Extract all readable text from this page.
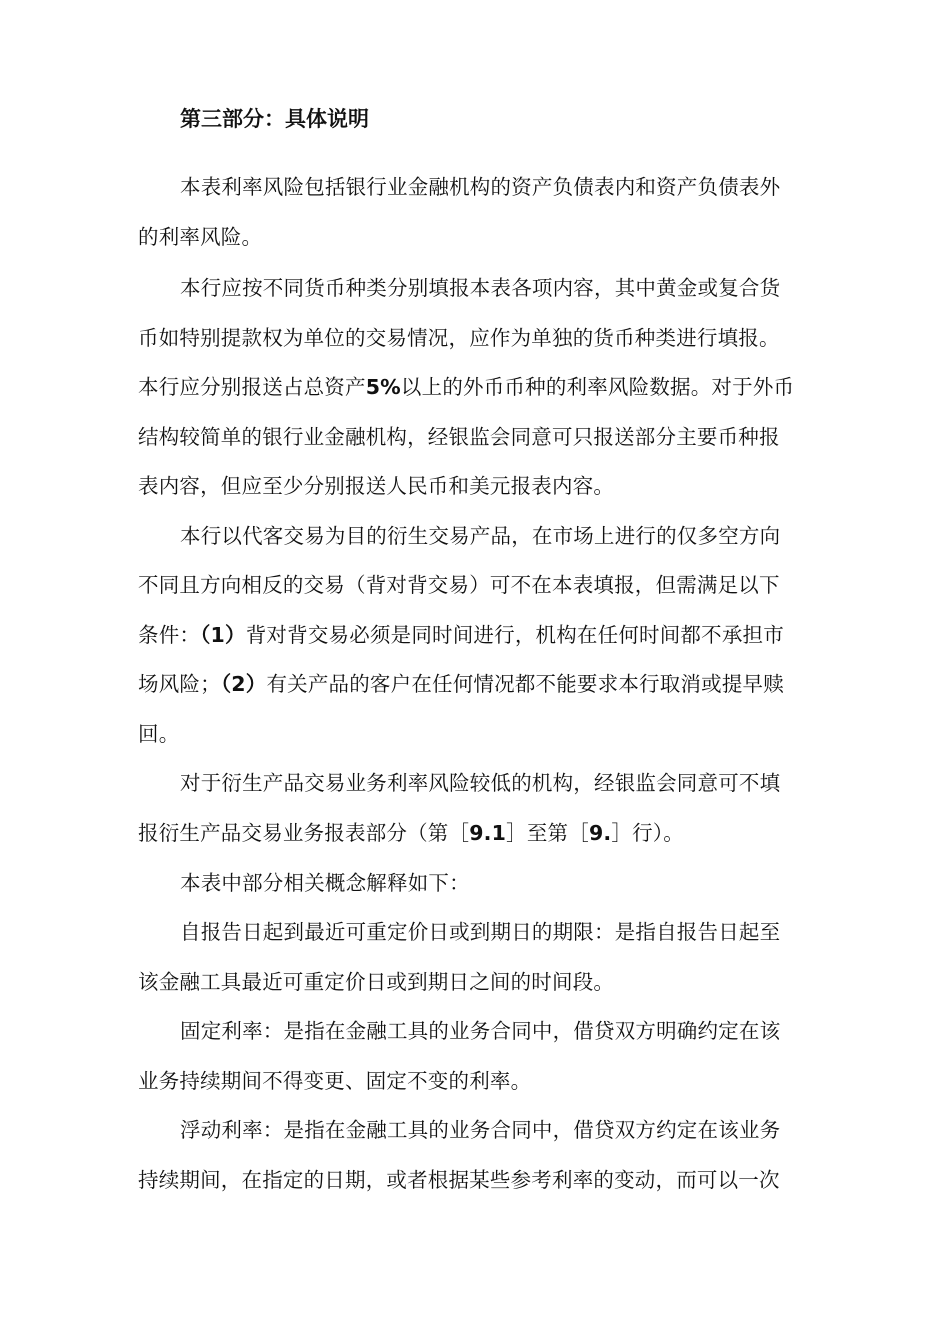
第三部分：具体说明
本表利率风险包括银行业金融机构的资产负债表内和资产负债表外
的利率风险。
本行应按不同货币种类分别填报本表各项内容，其中黄金或复合货
币如特别提款权为单位的交易情况，应作为单独的货币种类进行填报。
本行应分别报送占总资产5%以上的外币币种的利率风险数据。对于外币
结构较简单的银行业金融机构，经银监会同意可只报送部分主要币种报
表内容，但应至少分别报送人民币和美元报表内容。
本行以代客交易为目的衍生交易产品，在市场上进行的仅多空方向
不同且方向相反的交易（背对背交易）可不在本表填报，但需满足以下
条件：（1）背对背交易必须是同时间进行，机构在任何时间都不承担市
场风险；（2）有关产品的客户在任何情况都不能要求本行取消或提早赎
回。
对于衍生产品交易业务利率风险较低的机构，经银监会同意可不填
报衍生产品交易业务报表部分（第［9.1］至第［9.］行）。
本表中部分相关概念解释如下：
自报告日起到最近可重定价日或到期日的期限：是指自报告日起至
该金融工具最近可重定价日或到期日之间的时间段。
固定利率：是指在金融工具的业务合同中，借贷双方明确约定在该
业务持续期间不得变更、固定不变的利率。
浮动利率：是指在金融工具的业务合同中，借贷双方约定在该业务
持续期间，在指定的日期，或者根据某些参考利率的变动，而可以一次
